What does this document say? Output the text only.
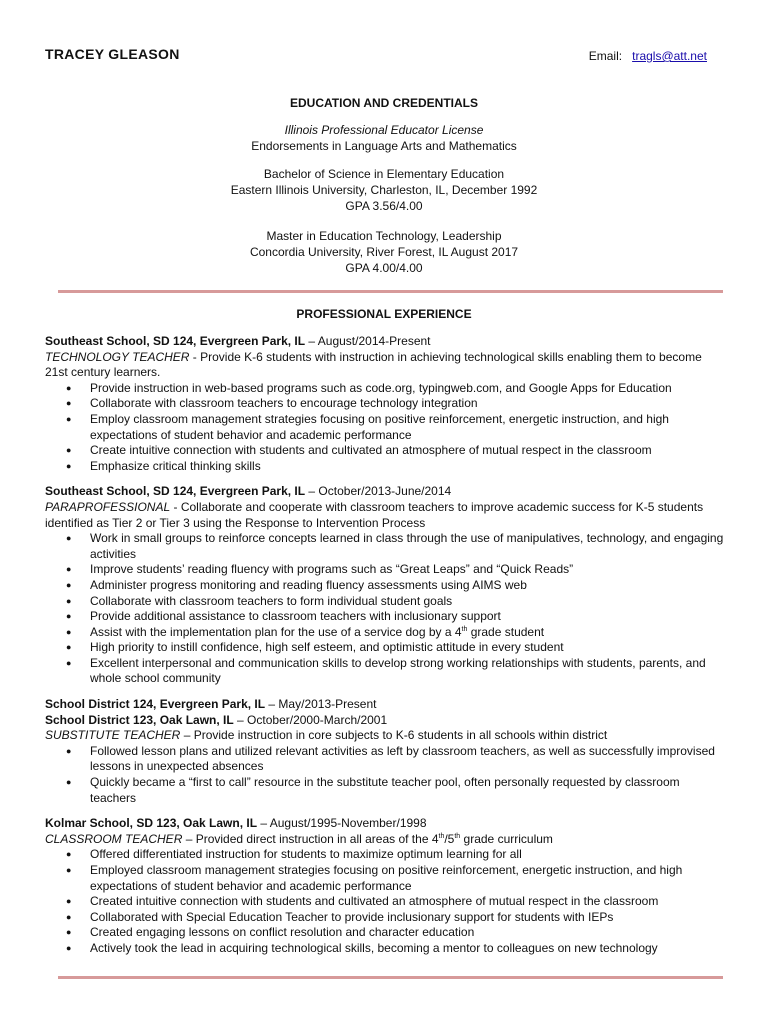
TRACEY GLEASON	Email: tragls@att.net
EDUCATION AND CREDENTIALS
Illinois Professional Educator License
Endorsements in Language Arts and Mathematics
Bachelor of Science in Elementary Education
Eastern Illinois University, Charleston, IL, December 1992
GPA 3.56/4.00
Master in Education Technology, Leadership
Concordia University, River Forest, IL August 2017
GPA 4.00/4.00
PROFESSIONAL EXPERIENCE
Southeast School, SD 124, Evergreen Park, IL – August/2014-Present
TECHNOLOGY TEACHER - Provide K-6 students with instruction in achieving technological skills enabling them to become 21st century learners.
● Provide instruction in web-based programs such as code.org, typingweb.com, and Google Apps for Education
● Collaborate with classroom teachers to encourage technology integration
● Employ classroom management strategies focusing on positive reinforcement, energetic instruction, and high expectations of student behavior and academic performance
● Create intuitive connection with students and cultivated an atmosphere of mutual respect in the classroom
● Emphasize critical thinking skills
Southeast School, SD 124, Evergreen Park, IL – October/2013-June/2014
PARAPROFESSIONAL - Collaborate and cooperate with classroom teachers to improve academic success for K-5 students identified as Tier 2 or Tier 3 using the Response to Intervention Process
● Work in small groups to reinforce concepts learned in class through the use of manipulatives, technology, and engaging activities
● Improve students’ reading fluency with programs such as “Great Leaps” and “Quick Reads”
● Administer progress monitoring and reading fluency assessments using AIMS web
● Collaborate with classroom teachers to form individual student goals
● Provide additional assistance to classroom teachers with inclusionary support
● Assist with the implementation plan for the use of a service dog by a 4th grade student
● High priority to instill confidence, high self esteem, and optimistic attitude in every student
● Excellent interpersonal and communication skills to develop strong working relationships with students, parents, and whole school community
School District 124, Evergreen Park, IL – May/2013-Present
School District 123, Oak Lawn, IL – October/2000-March/2001
SUBSTITUTE TEACHER – Provide instruction in core subjects to K-6 students in all schools within district
● Followed lesson plans and utilized relevant activities as left by classroom teachers, as well as successfully improvised lessons in unexpected absences
● Quickly became a “first to call” resource in the substitute teacher pool, often personally requested by classroom teachers
Kolmar School, SD 123, Oak Lawn, IL – August/1995-November/1998
CLASSROOM TEACHER – Provided direct instruction in all areas of the 4th/5th grade curriculum
● Offered differentiated instruction for students to maximize optimum learning for all
● Employed classroom management strategies focusing on positive reinforcement, energetic instruction, and high expectations of student behavior and academic performance
● Created intuitive connection with students and cultivated an atmosphere of mutual respect in the classroom
● Collaborated with Special Education Teacher to provide inclusionary support for students with IEPs
● Created engaging lessons on conflict resolution and character education
● Actively took the lead in acquiring technological skills, becoming a mentor to colleagues on new technology
